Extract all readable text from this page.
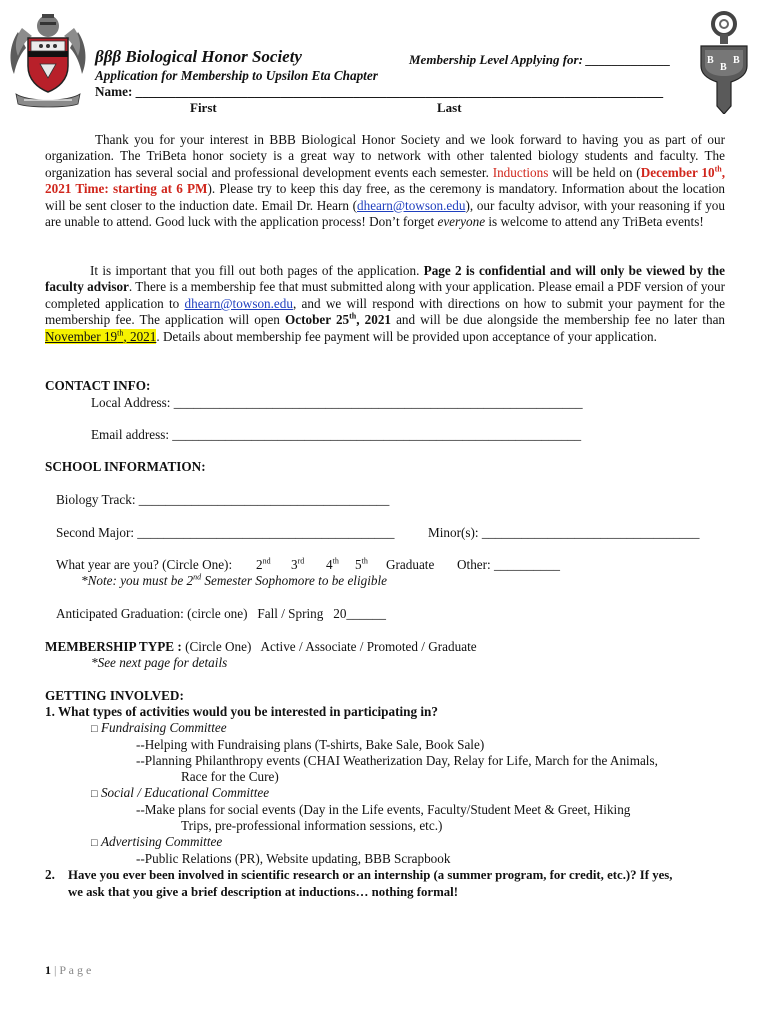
B
B
B
βββ Biological Honor Society	Membership Level Applying for: _____________
Application for Membership to Upsilon Eta Chapter
Name: ________________________________________________________________________________
First	Last
Thank you for your interest in BBB Biological Honor Society and we look forward to having you as part of our organization. The TriBeta honor society is a great way to network with other talented biology students and faculty. The organization has several social and professional development events each semester. Inductions will be held on (December 10th, 2021 Time: starting at 6 PM). Please try to keep this day free, as the ceremony is mandatory. Information about the location will be sent closer to the induction date. Email Dr. Hearn (dhearn@towson.edu), our faculty advisor, with your reasoning if you are unable to attend. Good luck with the application process! Don’t forget everyone is welcome to attend any TriBeta events!
It is important that you fill out both pages of the application. Page 2 is confidential and will only be viewed by the faculty advisor. There is a membership fee that must submitted along with your application. Please email a PDF version of your completed application to dhearn@towson.edu, and we will respond with directions on how to submit your payment for the membership fee. The application will open October 25th, 2021 and will be due alongside the membership fee no later than November 19th, 2021. Details about membership fee payment will be provided upon acceptance of your application.
CONTACT INFO:
Local Address: ______________________________________________________________
Email address: ______________________________________________________________
SCHOOL INFORMATION:
Biology Track: ______________________________________
Second Major: _______________________________________	Minor(s): _________________________________
What year are you? (Circle One): 2nd 3rd 4th 5th Graduate Other: __________
*Note: you must be 2nd Semester Sophomore to be eligible
Anticipated Graduation: (circle one)   Fall / Spring   20______
MEMBERSHIP TYPE : (Circle One)   Active / Associate / Promoted / Graduate
*See next page for details
GETTING INVOLVED:
1. What types of activities would you be interested in participating in?
□ Fundraising Committee
--Helping with Fundraising plans (T-shirts, Bake Sale, Book Sale)
--Planning Philanthropy events (CHAI Weatherization Day, Relay for Life, March for the Animals,
Race for the Cure)
□ Social / Educational Committee
--Make plans for social events (Day in the Life events, Faculty/Student Meet & Greet, Hiking
Trips, pre-professional information sessions, etc.)
□ Advertising Committee
--Public Relations (PR), Website updating, BBB Scrapbook
2. Have you ever been involved in scientific research or an internship (a summer program, for credit, etc.)? If yes,
we ask that you give a brief description at inductions… nothing formal!
1 | P a g e
